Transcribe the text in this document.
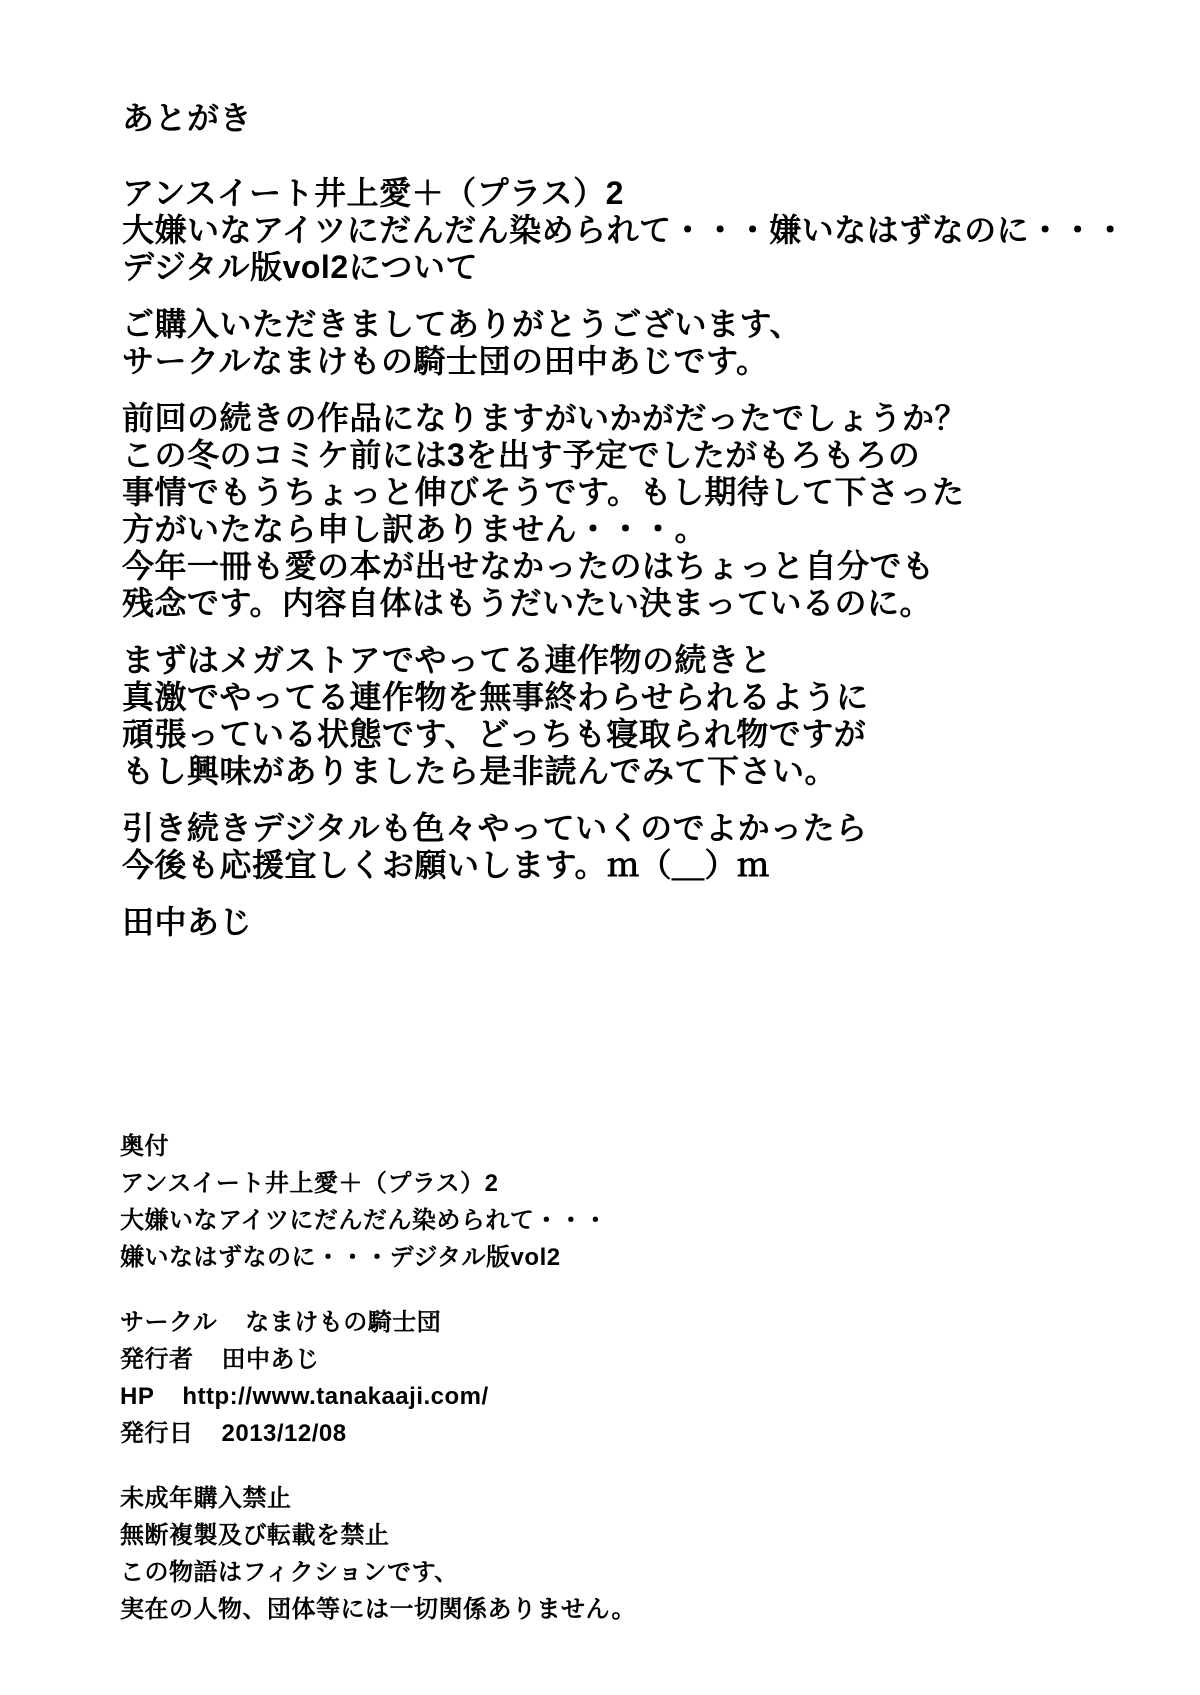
あとがき

アンスイート井上愛＋（プラス）2
大嫌いなアイツにだんだん染められて・・・嫌いなはずなのに・・・
デジタル版vol2について

ご購入いただきましてありがとうございます、
サークルなまけもの騎士団の田中あじです。

前回の続きの作品になりますがいかがだったでしょうか？
この冬のコミケ前には3を出す予定でしたがもろもろの
事情でもうちょっと伸びそうです。もし期待して下さった
方がいたなら申し訳ありません・・・。
今年一冊も愛の本が出せなかったのはちょっと自分でも
残念です。内容自体はもうだいたい決まっているのに。

まずはメガストアでやってる連作物の続きと
真激でやってる連作物を無事終わらせられるように
頑張っている状態です、どっちも寝取られ物ですが
もし興味がありましたら是非読んでみて下さい。

引き続きデジタルも色々やっていくのでよかったら
今後も応援宜しくお願いします。ｍ（＿）ｍ

田中あじ
奥付
アンスイート井上愛＋（プラス）2
大嫌いなアイツにだんだん染められて・・・
嫌いなはずなのに・・・デジタル版vol2
サークル なまけもの騎士団
発行者 田中あじ
HP http://www.tanakaaji.com/
発行日 2013/12/08
未成年購入禁止
無断複製及び転載を禁止
この物語はフィクションです、
実在の人物、団体等には一切関係ありません。
